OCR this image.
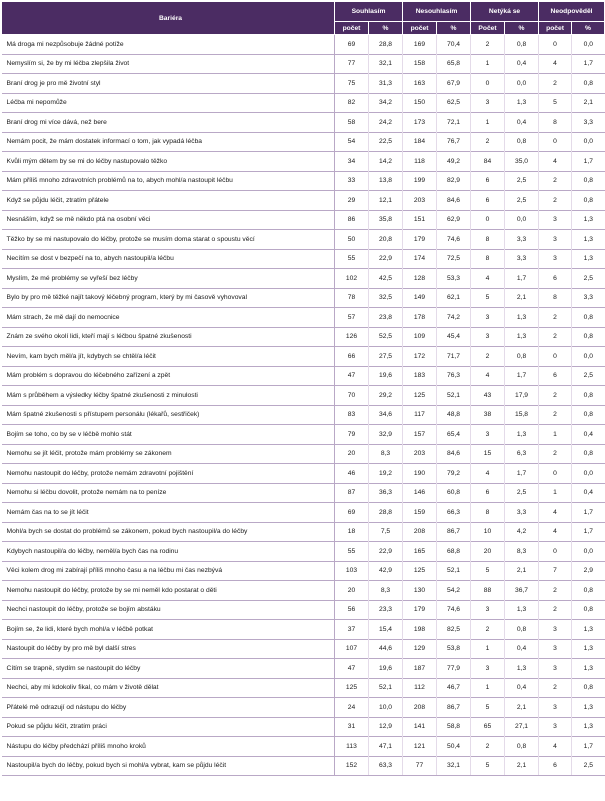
Bariéra	Souhlasím		Nesouhlasím		Netýká se		Neodpověděl	
	počet	%	počet	%	Počet	%	počet	%
Má droga mi nezpůsobuje žádné potíže	69	28,8	169	70,4	2	0,8	0	0,0
Nemyslím si, že by mi léčba zlepšila život	77	32,1	158	65,8	1	0,4	4	1,7
Braní drog je pro mě životní styl	75	31,3	163	67,9	0	0,0	2	0,8
Léčba mi nepomůže	82	34,2	150	62,5	3	1,3	5	2,1
Braní drog mi více dává, než bere	58	24,2	173	72,1	1	0,4	8	3,3
Nemám pocit, že mám dostatek informací o tom, jak vypadá léčba	54	22,5	184	76,7	2	0,8	0	0,0
Kvůli mým dětem by se mi do léčby nastupovalo těžko	34	14,2	118	49,2	84	35,0	4	1,7
Mám příliš mnoho zdravotních problémů na to, abych mohl/a nastoupit léčbu	33	13,8	199	82,9	6	2,5	2	0,8
Když se půjdu léčit, ztratím přátele	29	12,1	203	84,6	6	2,5	2	0,8
Nesnáším, když se mě někdo ptá na osobní věci	86	35,8	151	62,9	0	0,0	3	1,3
Těžko by se mi nastupovalo do léčby, protože se musím doma starat o spoustu věcí	50	20,8	179	74,6	8	3,3	3	1,3
Necítím se dost v bezpečí na to, abych nastoupil/a léčbu	55	22,9	174	72,5	8	3,3	3	1,3
Myslím, že mé problémy se vyřeší bez léčby	102	42,5	128	53,3	4	1,7	6	2,5
Bylo by pro mě těžké najít takový léčebný program, který by mi časově vyhovoval	78	32,5	149	62,1	5	2,1	8	3,3
Mám strach, že mě dají do nemocnice	57	23,8	178	74,2	3	1,3	2	0,8
Znám ze svého okolí lidi, kteří mají s léčbou špatné zkušenosti	126	52,5	109	45,4	3	1,3	2	0,8
Nevím, kam bych měl/a jít, kdybych se chtěl/a léčit	66	27,5	172	71,7	2	0,8	0	0,0
Mám problém s dopravou do léčebného zařízení a zpět	47	19,6	183	76,3	4	1,7	6	2,5
Mám s průběhem a výsledky léčby špatné zkušenosti z minulosti	70	29,2	125	52,1	43	17,9	2	0,8
Mám špatné zkušenosti s přístupem personálu (lékařů, sestřiček)	83	34,6	117	48,8	38	15,8	2	0,8
Bojím se toho, co by se v léčbě mohlo stát	79	32,9	157	65,4	3	1,3	1	0,4
Nemohu se jít léčit, protože mám problémy se zákonem	20	8,3	203	84,6	15	6,3	2	0,8
Nemohu nastoupit do léčby, protože nemám zdravotní pojištění	46	19,2	190	79,2	4	1,7	0	0,0
Nemohu si léčbu dovolit, protože nemám na to peníze	87	36,3	146	60,8	6	2,5	1	0,4
Nemám čas na to se jít léčit	69	28,8	159	66,3	8	3,3	4	1,7
Mohl/a bych se dostat do problémů se zákonem, pokud bych nastoupil/a do léčby	18	7,5	208	86,7	10	4,2	4	1,7
Kdybych nastoupil/a do léčby, neměl/a bych čas na rodinu	55	22,9	165	68,8	20	8,3	0	0,0
Věci kolem drog mi zabírají příliš mnoho času a na léčbu mi čas nezbývá	103	42,9	125	52,1	5	2,1	7	2,9
Nemohu nastoupit do léčby, protože by se mi neměl kdo postarat o děti	20	8,3	130	54,2	88	36,7	2	0,8
Nechci nastoupit do léčby, protože se bojím abstáku	56	23,3	179	74,6	3	1,3	2	0,8
Bojím se, že lidi, které bych mohl/a v léčbě potkat	37	15,4	198	82,5	2	0,8	3	1,3
Nastoupit do léčby by pro mě byl další stres	107	44,6	129	53,8	1	0,4	3	1,3
Cítím se trapně, stydím se nastoupit do léčby	47	19,6	187	77,9	3	1,3	3	1,3
Nechci, aby mi kdokoliv fikal, co mám v životě dělat	125	52,1	112	46,7	1	0,4	2	0,8
Přátelé mě odrazují od nástupu do léčby	24	10,0	208	86,7	5	2,1	3	1,3
Pokud se půjdu léčit, ztratím práci	31	12,9	141	58,8	65	27,1	3	1,3
Nástupu do léčby předchází příliš mnoho kroků	113	47,1	121	50,4	2	0,8	4	1,7
Nastoupil/a bych do léčby, pokud bych si mohl/a vybrat, kam se půjdu léčit	152	63,3	77	32,1	5	2,1	6	2,5
